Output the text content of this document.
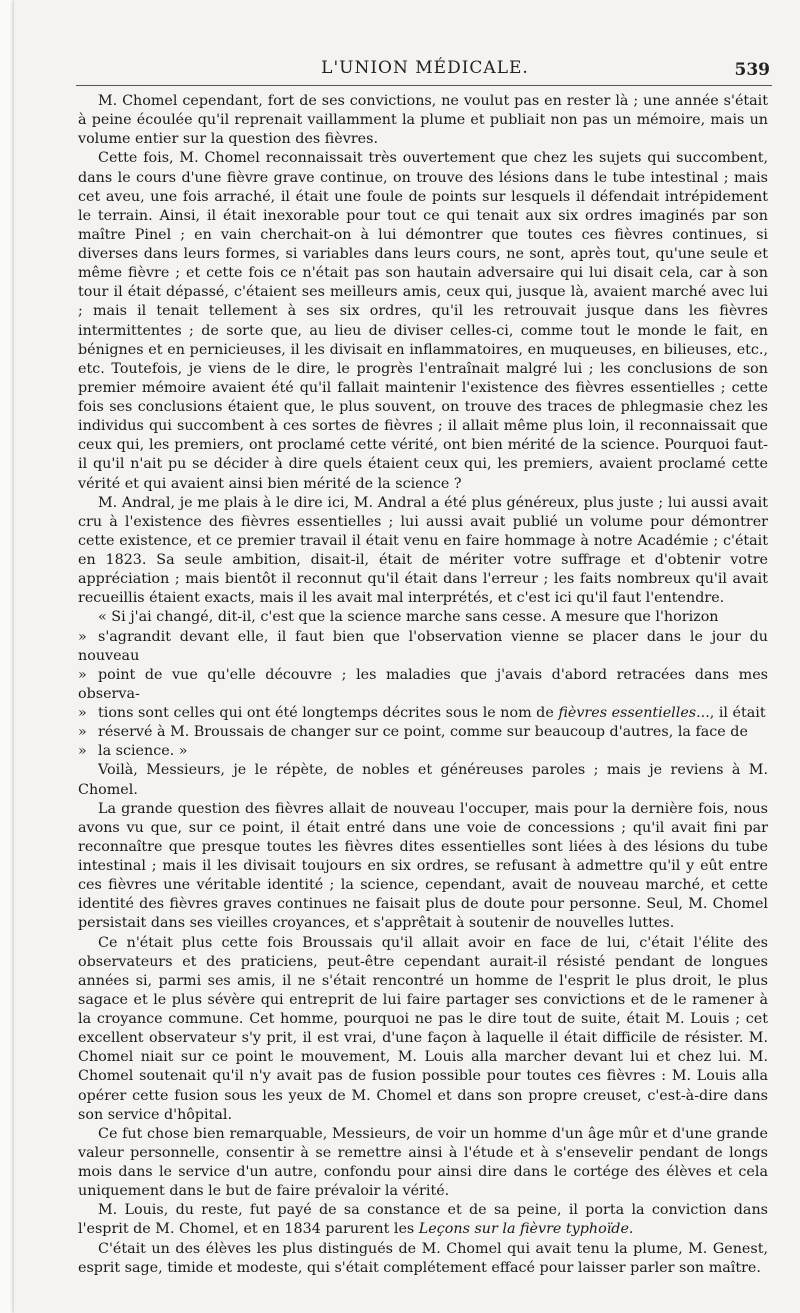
L'UNION MÉDICALE.	539

M. Chomel cependant, fort de ses convictions, ne voulut pas en rester là ; une année s'était à peine écoulée qu'il reprenait vaillamment la plume et publiait non pas un mémoire, mais un volume entier sur la question des fièvres.

Cette fois, M. Chomel reconnaissait très ouvertement que chez les sujets qui succombent, dans le cours d'une fièvre grave continue, on trouve des lésions dans le tube intestinal ; mais cet aveu, une fois arraché, il était une foule de points sur lesquels il défendait intrépidement le terrain. Ainsi, il était inexorable pour tout ce qui tenait aux six ordres imaginés par son maître Pinel ; en vain cherchait-on à lui démontrer que toutes ces fièvres continues, si diverses dans leurs formes, si variables dans leurs cours, ne sont, après tout, qu'une seule et même fièvre ; et cette fois ce n'était pas son hautain adversaire qui lui disait cela, car à son tour il était dépassé, c'étaient ses meilleurs amis, ceux qui, jusque là, avaient marché avec lui ; mais il tenait tellement à ses six ordres, qu'il les retrouvait jusque dans les fièvres intermittentes ; de sorte que, au lieu de diviser celles-ci, comme tout le monde le fait, en bénignes et en pernicieuses, il les divisait en inflammatoires, en muqueuses, en bilieuses, etc., etc. Toutefois, je viens de le dire, le progrès l'entraînait malgré lui ; les conclusions de son premier mémoire avaient été qu'il fallait maintenir l'existence des fièvres essentielles ; cette fois ses conclusions étaient que, le plus souvent, on trouve des traces de phlegmasie chez les individus qui succombent à ces sortes de fièvres ; il allait même plus loin, il reconnaissait que ceux qui, les premiers, ont proclamé cette vérité, ont bien mérité de la science. Pourquoi faut-il qu'il n'ait pu se décider à dire quels étaient ceux qui, les premiers, avaient proclamé cette vérité et qui avaient ainsi bien mérité de la science ?

M. Andral, je me plais à le dire ici, M. Andral a été plus généreux, plus juste ; lui aussi avait cru à l'existence des fièvres essentielles ; lui aussi avait publié un volume pour démontrer cette existence, et ce premier travail il était venu en faire hommage à notre Académie ; c'était en 1823. Sa seule ambition, disait-il, était de mériter votre suffrage et d'obtenir votre appréciation ; mais bientôt il reconnut qu'il était dans l'erreur ; les faits nombreux qu'il avait recueillis étaient exacts, mais il les avait mal interprétés, et c'est ici qu'il faut l'entendre.

« Si j'ai changé, dit-il, c'est que la science marche sans cesse. A mesure que l'horizon
» s'agrandit devant elle, il faut bien que l'observation vienne se placer dans le jour du nouveau
» point de vue qu'elle découvre ; les maladies que j'avais d'abord retracées dans mes observa-
» tions sont celles qui ont été longtemps décrites sous le nom de fièvres essentielles..., il était
» réservé à M. Broussais de changer sur ce point, comme sur beaucoup d'autres, la face de
» la science. »

Voilà, Messieurs, je le répète, de nobles et généreuses paroles ; mais je reviens à M. Chomel.

La grande question des fièvres allait de nouveau l'occuper, mais pour la dernière fois, nous avons vu que, sur ce point, il était entré dans une voie de concessions ; qu'il avait fini par reconnaître que presque toutes les fièvres dites essentielles sont liées à des lésions du tube intestinal ; mais il les divisait toujours en six ordres, se refusant à admettre qu'il y eût entre ces fièvres une véritable identité ; la science, cependant, avait de nouveau marché, et cette identité des fièvres graves continues ne faisait plus de doute pour personne. Seul, M. Chomel persistait dans ses vieilles croyances, et s'apprêtait à soutenir de nouvelles luttes.

Ce n'était plus cette fois Broussais qu'il allait avoir en face de lui, c'était l'élite des observateurs et des praticiens, peut-être cependant aurait-il résisté pendant de longues années si, parmi ses amis, il ne s'était rencontré un homme de l'esprit le plus droit, le plus sagace et le plus sévère qui entreprit de lui faire partager ses convictions et de le ramener à la croyance commune. Cet homme, pourquoi ne pas le dire tout de suite, était M. Louis ; cet excellent observateur s'y prit, il est vrai, d'une façon à laquelle il était difficile de résister. M. Chomel niait sur ce point le mouvement, M. Louis alla marcher devant lui et chez lui. M. Chomel soutenait qu'il n'y avait pas de fusion possible pour toutes ces fièvres : M. Louis alla opérer cette fusion sous les yeux de M. Chomel et dans son propre creuset, c'est-à-dire dans son service d'hôpital.

Ce fut chose bien remarquable, Messieurs, de voir un homme d'un âge mûr et d'une grande valeur personnelle, consentir à se remettre ainsi à l'étude et à s'ensevelir pendant de longs mois dans le service d'un autre, confondu pour ainsi dire dans le cortége des élèves et cela uniquement dans le but de faire prévaloir la vérité.

M. Louis, du reste, fut payé de sa constance et de sa peine, il porta la conviction dans l'esprit de M. Chomel, et en 1834 parurent les Leçons sur la fièvre typhoïde.

C'était un des élèves les plus distingués de M. Chomel qui avait tenu la plume, M. Genest, esprit sage, timide et modeste, qui s'était complétement effacé pour laisser parler son maître.
